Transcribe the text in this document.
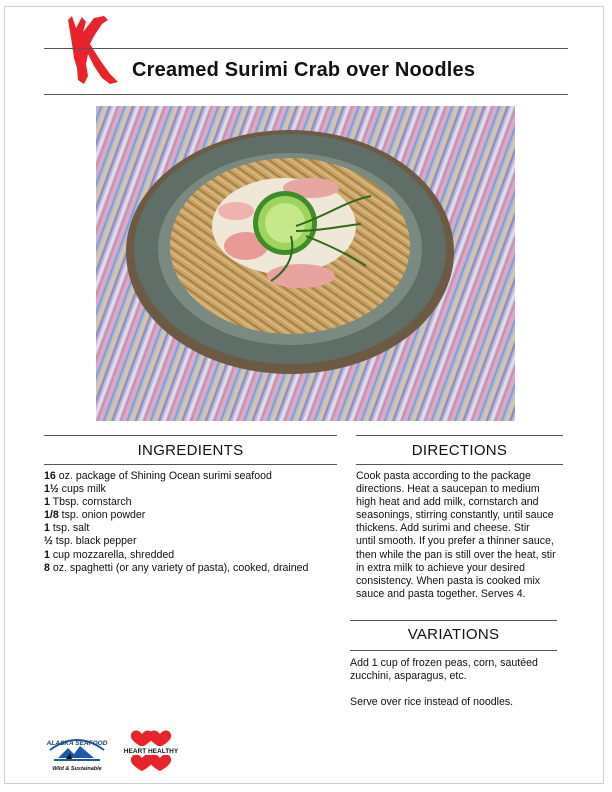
Creamed Surimi Crab over Noodles
INGREDIENTS
16 oz. package of Shining Ocean surimi seafood
1½ cups milk
1 Tbsp. cornstarch
1/8 tsp. onion powder
1 tsp. salt
½ tsp. black pepper
1 cup mozzarella, shredded
8 oz. spaghetti (or any variety of pasta), cooked, drained
DIRECTIONS
Cook pasta according to the package
directions. Heat a saucepan to medium
high heat and add milk, cornstarch and
seasonings, stirring constantly, until sauce
thickens. Add surimi and cheese. Stir
until smooth. If you prefer a thinner sauce,
then while the pan is still over the heat, stir
in extra milk to achieve your desired
consistency. When pasta is cooked mix
sauce and pasta together. Serves 4.
VARIATIONS
Add 1 cup of frozen peas, corn, sautéed
zucchini, asparagus, etc.
Serve over rice instead of noodles.
ALASKA SEAFOOD
Wild & Sustainable
HEART HEALTHY
